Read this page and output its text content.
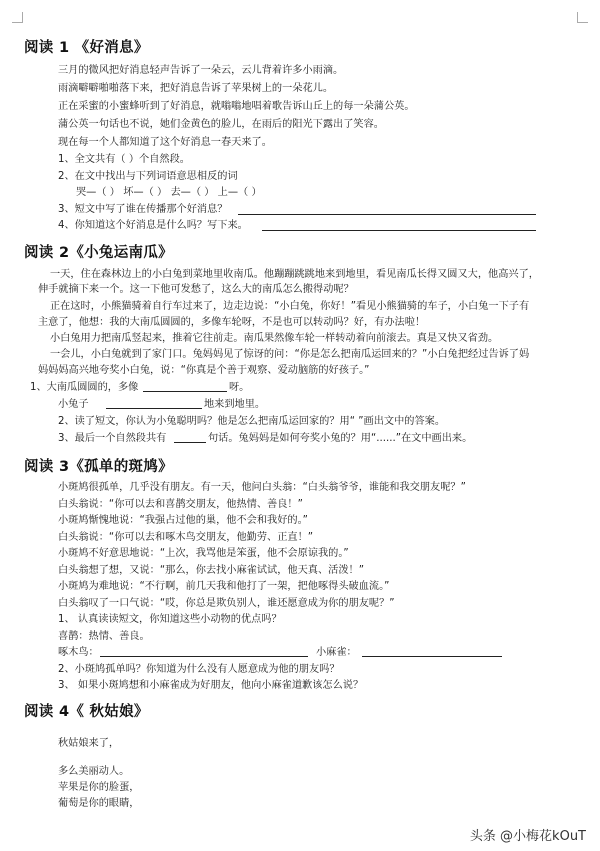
阅读 1 《好消息》
三月的微风把好消息轻声告诉了一朵云，云儿背着许多小雨滴。
雨滴噼噼啪啪落下来，把好消息告诉了苹果树上的一朵花儿。
正在采蜜的小蜜蜂听到了好消息，就嗡嗡地唱着歌告诉山丘上的每一朵蒲公英。
蒲公英一句话也不说，她们金黄色的脸儿，在雨后的阳光下露出了笑容。
现在每一个人都知道了这个好消息一春天来了。
1、全文共有（ ）个自然段。
2、在文中找出与下列词语意思相反的词
哭—（ ） 坏—（ ） 去—（ ） 上—（ ）
3、短文中写了谁在传播那个好消息？
4、你知道这个好消息是什么吗？写下来。
阅读 2《小兔运南瓜》
一天，住在森林边上的小白兔到菜地里收南瓜。他蹦蹦跳跳地来到地里，看见南瓜长得又圆又大，他高兴了，
伸手就摘下来一个。这一下他可发愁了，这么大的南瓜怎么搬得动呢？
正在这时，小熊猫骑着自行车过来了，边走边说：“小白兔，你好！”看见小熊猫骑的车子，小白兔一下子有
主意了，他想：我的大南瓜圆圆的，多像车轮呀，不是也可以转动吗？好，有办法啦！
小白兔用力把南瓜竖起来，推着它往前走。南瓜果然像车轮一样转动着向前滚去。真是又快又省劲。
一会儿，小白兔就到了家门口。兔妈妈见了惊讶的问：“你是怎么把南瓜运回来的？”小白兔把经过告诉了妈
妈妈妈高兴地夸奖小白兔，说：“你真是个善于观察、爱动脑筋的好孩子。”
1、大南瓜圆圆的，多像	呀。
小兔子	地来到地里。
2、读了短文，你认为小兔聪明吗？他是怎么把南瓜运回家的？用“ ”画出文中的答案。
3、最后一个自然段共有	句话。兔妈妈是如何夸奖小兔的？用“......”在文中画出来。
阅读 3《孤单的斑鸠》
小斑鸠很孤单，几乎没有朋友。有一天，他问白头翁：“白头翁爷爷，谁能和我交朋友呢？”
白头翁说：“你可以去和喜鹊交朋友，他热情、善良！”
小斑鸠惭愧地说：“我强占过他的巢，他不会和我好的。”
白头翁说：“你可以去和啄木鸟交朋友，他勤劳、正直！”
小斑鸠不好意思地说：“上次，我骂他是笨蛋，他不会原谅我的。”
白头翁想了想，又说：“那么，你去找小麻雀试试，他天真、活泼！”
小斑鸠为难地说：“不行啊，前几天我和他打了一架，把他啄得头破血流。”
白头翁叹了一口气说：“哎，你总是欺负别人，谁还愿意成为你的朋友呢？”
1、 认真读读短文，你知道这些小动物的优点吗？
喜鹊：热情、善良。
啄木鸟：	小麻雀：
2、小斑鸠孤单吗？你知道为什么没有人愿意成为他的朋友吗？
3、 如果小斑鸠想和小麻雀成为好朋友，他向小麻雀道歉该怎么说？
阅读 4《 秋姑娘》
秋姑娘来了，
多么美丽动人。
苹果是你的脸蛋，
葡萄是你的眼睛，
头条 @小梅花kOuT
